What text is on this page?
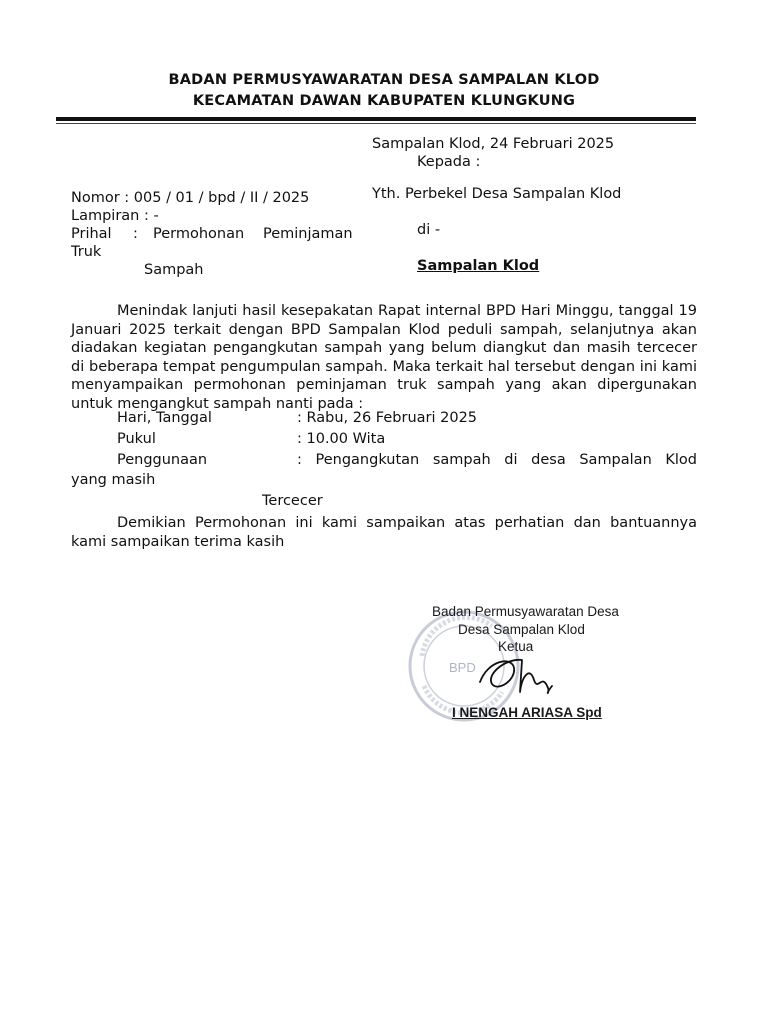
BADAN PERMUSYAWARATAN DESA SAMPALAN KLOD
KECAMATAN DAWAN KABUPATEN KLUNGKUNG
Sampalan Klod, 24 Februari 2025
Kepada :
Yth. Perbekel Desa Sampalan Klod
di -
Sampalan Klod
Nomor : 005 / 01 / bpd / II / 2025
Lampiran : -
Prihal : Permohonan Peminjaman
Truk
Sampah

Menindak lanjuti hasil kesepakatan Rapat internal BPD Hari Minggu, tanggal 19 Januari 2025 terkait dengan BPD Sampalan Klod peduli sampah, selanjutnya akan diadakan kegiatan pengangkutan sampah yang belum diangkut dan masih tercecer di beberapa tempat pengumpulan sampah. Maka terkait hal tersebut dengan ini kami menyampaikan permohonan peminjaman truk sampah yang akan dipergunakan untuk mengangkut sampah nanti pada :

Hari, Tanggal	: Rabu, 26 Februari 2025
Pukul	: 10.00 Wita
Penggunaan	: Pengangkutan sampah di desa Sampalan Klod
yang masih
Tercecer

Demikian Permohonan ini kami sampaikan atas perhatian dan bantuannya kami sampaikan terima kasih

BPD
Badan Permusyawaratan Desa
Desa Sampalan Klod
Ketua
I NENGAH ARIASA Spd
